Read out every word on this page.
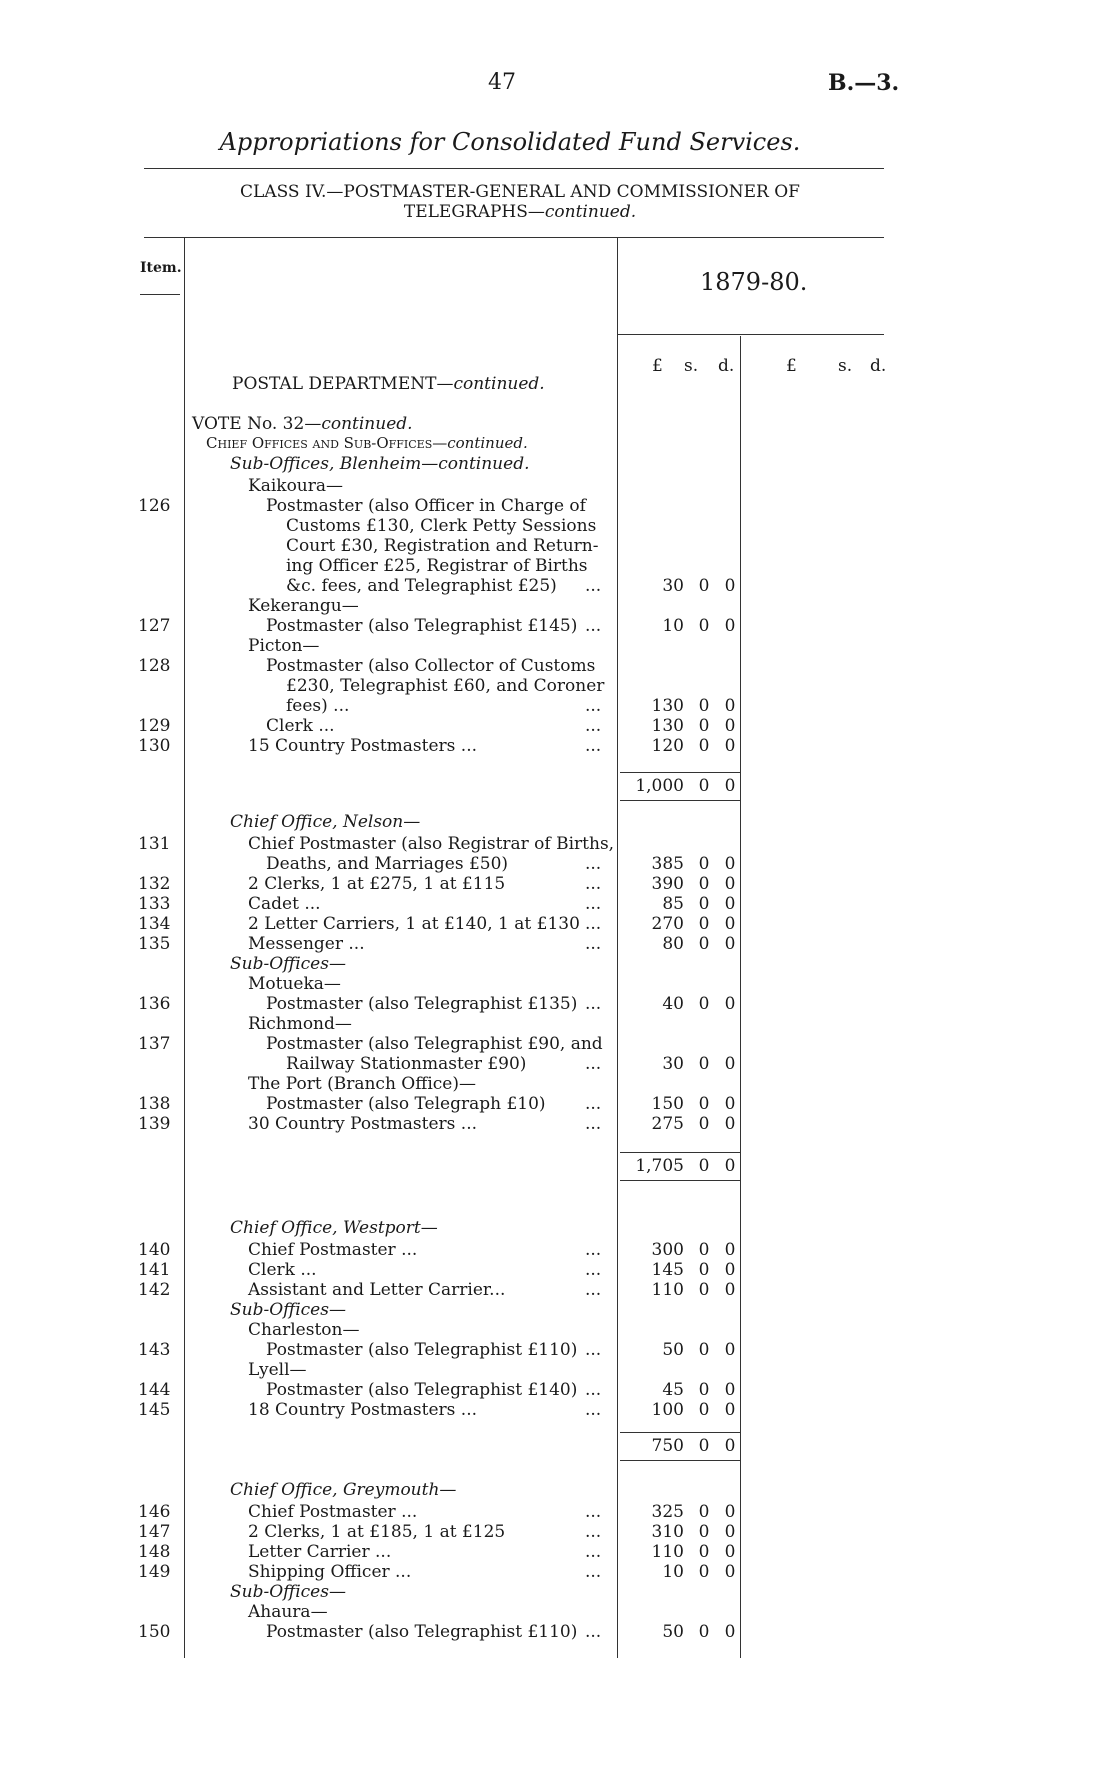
47	B.—3.
Appropriations for Consolidated Fund Services.
CLASS IV.—POSTMASTER-GENERAL AND COMMISSIONER OF
TELEGRAPHS—continued.
Item.	1879-80.
£ s. d.	£ s. d.
POSTAL DEPARTMENT—continued.
VOTE No. 32—continued.
Chief Offices and Sub-Offices—continued.
Sub-Offices, Blenheim—continued.
Kaikoura—
126	Postmaster (also Officer in Charge of
Customs £130, Clerk Petty Sessions
Court £30, Registration and Return-
ing Officer £25, Registrar of Births
&c. fees, and Telegraphist £25) ...	30 0 0
Kekerangu—
127	Postmaster (also Telegraphist £145) ...	10 0 0
Picton—
128	Postmaster (also Collector of Customs
£230, Telegraphist £60, and Coroner
fees) ...	...	130 0 0
129	Clerk ...	...	130 0 0
130	15 Country Postmasters ...	...	120 0 0
1,000 0 0
Chief Office, Nelson—
131	Chief Postmaster (also Registrar of Births,
Deaths, and Marriages £50)	...	385 0 0
132	2 Clerks, 1 at £275, 1 at £115	...	390 0 0
133	Cadet ...	...	85 0 0
134	2 Letter Carriers, 1 at £140, 1 at £130 ...	270 0 0
135	Messenger ...	...	80 0 0
Sub-Offices—
Motueka—
136	Postmaster (also Telegraphist £135) ...	40 0 0
Richmond—
137	Postmaster (also Telegraphist £90, and
Railway Stationmaster £90)	...	30 0 0
The Port (Branch Office)—
138	Postmaster (also Telegraph £10) ...	150 0 0
139	30 Country Postmasters ...	...	275 0 0
1,705 0 0
Chief Office, Westport—
140	Chief Postmaster ...	...	300 0 0
141	Clerk ...	...	145 0 0
142	Assistant and Letter Carrier...	...	110 0 0
Sub-Offices—
Charleston—
143	Postmaster (also Telegraphist £110) ...	50 0 0
Lyell—
144	Postmaster (also Telegraphist £140) ...	45 0 0
145	18 Country Postmasters ...	...	100 0 0
750 0 0
Chief Office, Greymouth—
146	Chief Postmaster ...	...	325 0 0
147	2 Clerks, 1 at £185, 1 at £125	...	310 0 0
148	Letter Carrier ...	...	110 0 0
149	Shipping Officer ...	...	10 0 0
Sub-Offices—
Ahaura—
150	Postmaster (also Telegraphist £110) ...	50 0 0
